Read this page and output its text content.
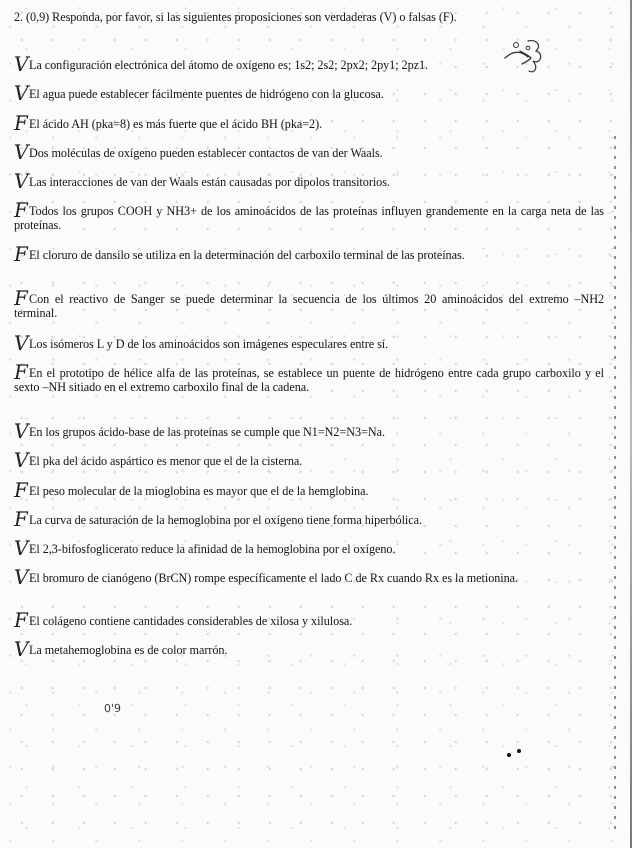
2. (0,9) Responda, por favor, si las siguientes proposiciones son verdaderas (V) o falsas (F).
V
La configuración electrónica del átomo de oxígeno es; 1s2; 2s2; 2px2; 2py1; 2pz1.
V
El agua puede establecer fácilmente puentes de hidrógeno con la glucosa.
F El ácido AH (pka=8) es más fuerte que el ácido BH (pka=2).
V
Dos moléculas de oxígeno pueden establecer contactos de van der Waals.
V
Las interacciones de van der Waals están causadas por dipolos transitorios.
F Todos los grupos COOH y NH3+ de los aminoácidos de las proteínas influyen grandemente en la carga neta de las proteínas.
F El cloruro de dansilo se utiliza en la determinación del carboxilo terminal de las proteínas.
F Con el reactivo de Sanger se puede determinar la secuencia de los últimos 20 aminoácidos del extremo –NH2 terminal.
V
Los isómeros L y D de los aminoácidos son imágenes especulares entre sí.
F En el prototipo de hélice alfa de las proteínas, se establece un puente de hidrógeno entre cada grupo carboxilo y el sexto –NH sitiado en el extremo carboxilo final de la cadena.
V
En los grupos ácido-base de las proteínas se cumple que N1=N2=N3=Na.
V
El pka del ácido aspártico es menor que el de la cisterna.
F El peso molecular de la mioglobina es mayor que el de la hemglobina.
F La curva de saturación de la hemoglobina por el oxígeno tiene forma hiperbólica.
V
El 2,3-bifosfoglicerato reduce la afinidad de la hemoglobina por el oxígeno.
V
El bromuro de cianógeno (BrCN) rompe específicamente el lado C de Rx cuando Rx es la metionina.
F El colágeno contiene cantidades considerables de xilosa y xilulosa.
V
La metahemoglobina es de color marrón.
0'9
